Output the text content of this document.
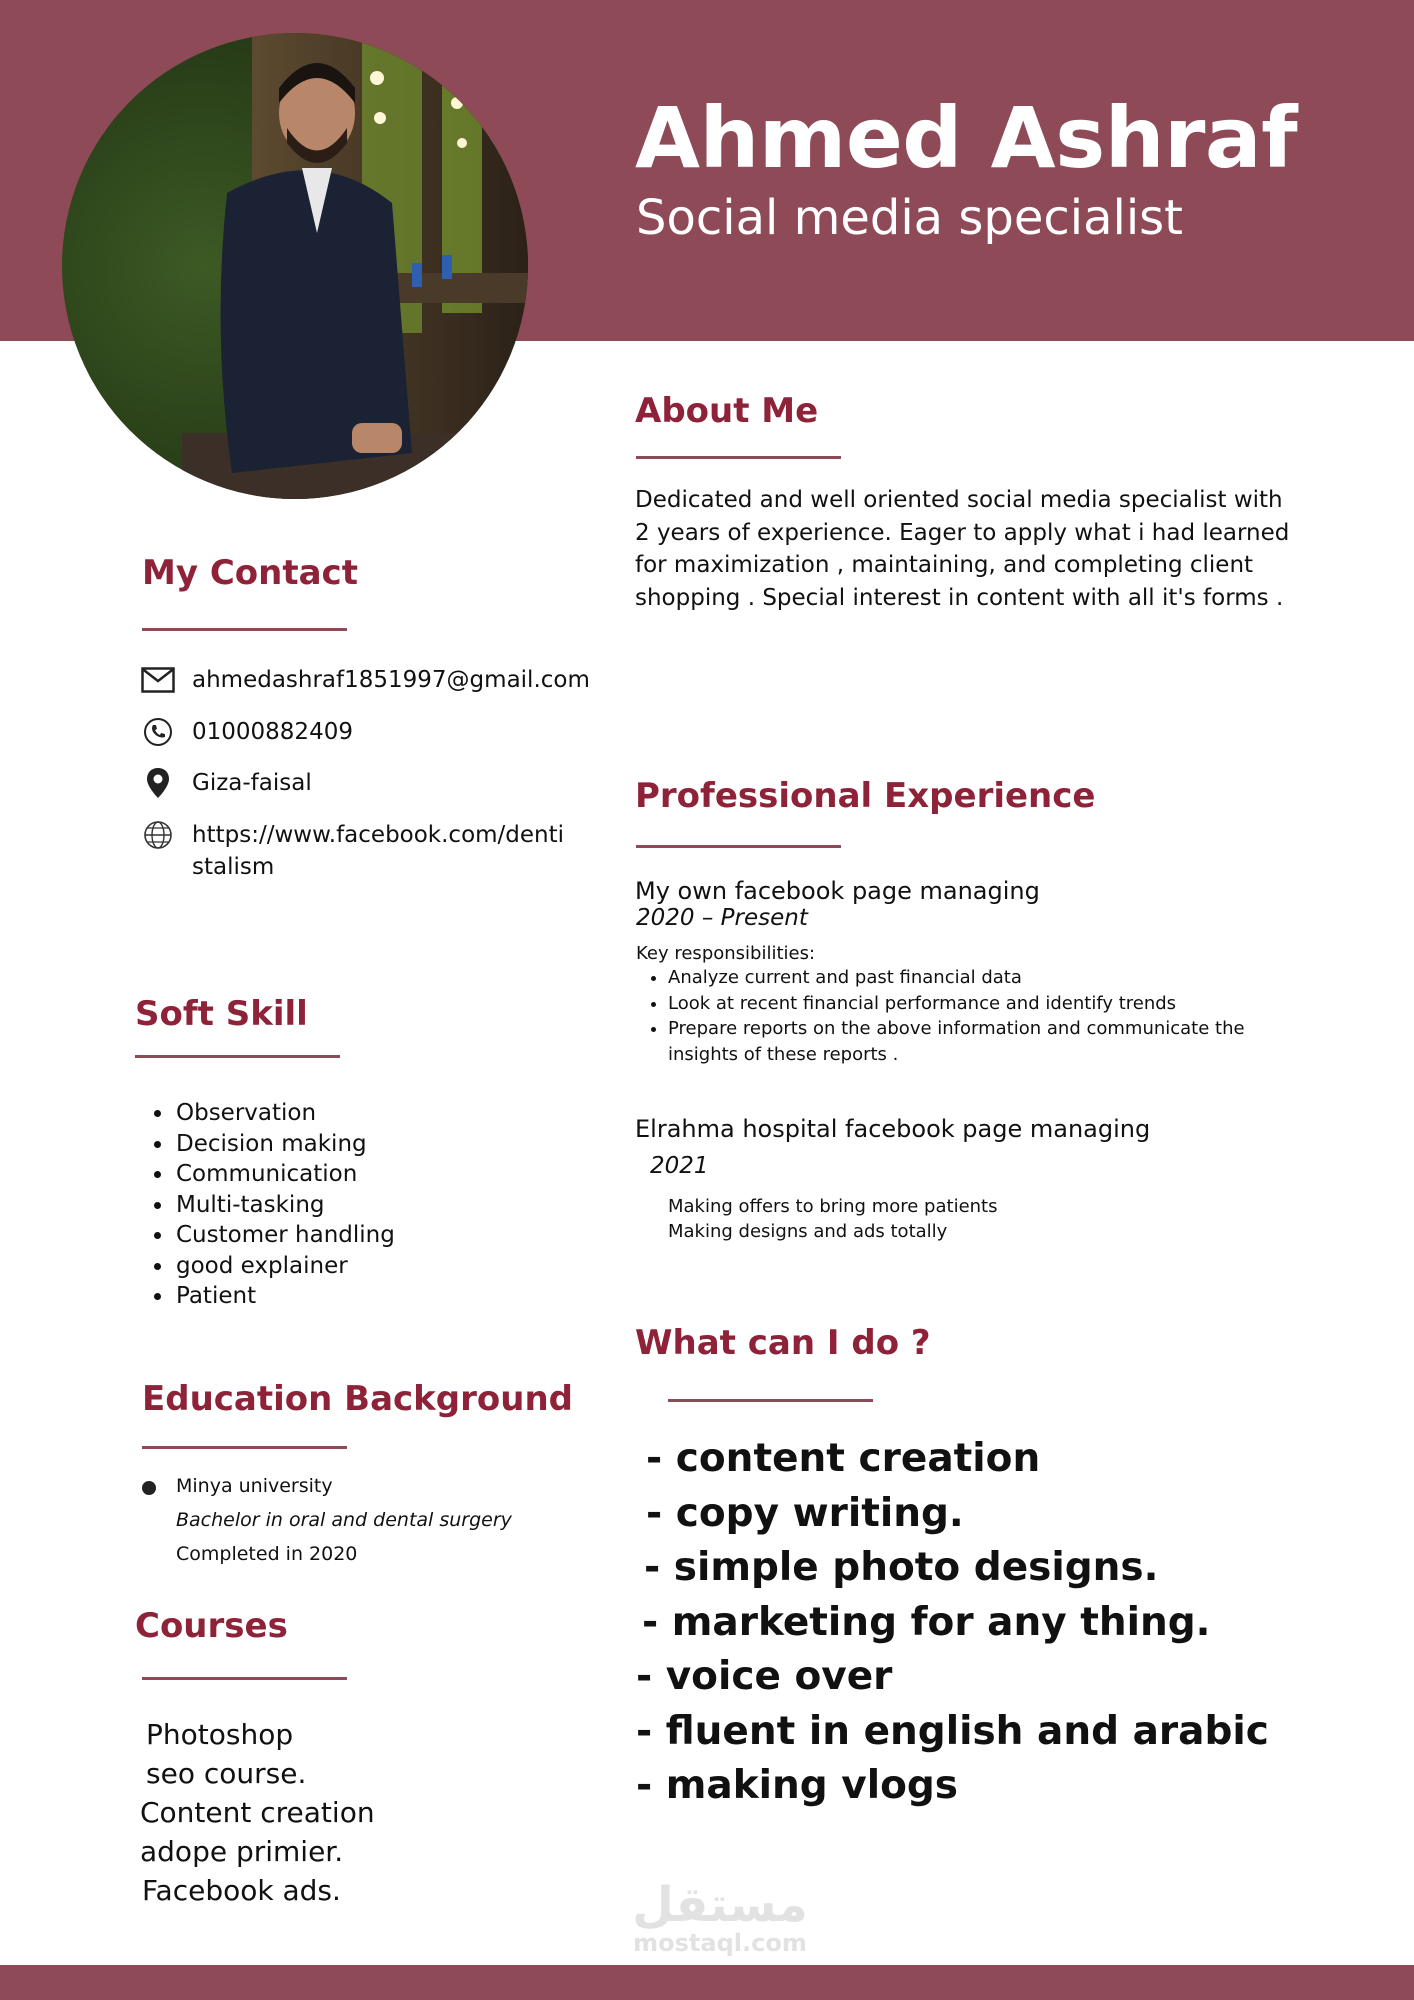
Ahmed Ashraf
Social media specialist
About Me
Dedicated and well oriented social media specialist with 2 years of experience. Eager to apply what i had learned for maximization , maintaining, and completing client shopping . Special interest in content with all it's forms .
My Contact
ahmedashraf1851997@gmail.com
01000882409
Giza-faisal
https://www.facebook.com/dentistalism
Soft Skill
• Observation
• Decision making
• Communication
• Multi-tasking
• Customer handling
• good explainer
• Patient
Education Background
Minya university
Bachelor in oral and dental surgery
Completed in 2020
Courses
Photoshop
seo course.
Content creation
adope primier.
Facebook ads.
Professional Experience
My own facebook page managing
2020 – Present
Key responsibilities:
• Analyze current and past financial data
• Look at recent financial performance and identify trends
• Prepare reports on the above information and communicate the insights of these reports .
Elrahma hospital facebook page managing
2021
Making offers to bring more patients
Making designs and ads totally
What can I do ?
- content creation
- copy writing.
- simple photo designs.
- marketing for any thing.
- voice over
- fluent in english and arabic
- making vlogs
مستقل
mostaql.com
